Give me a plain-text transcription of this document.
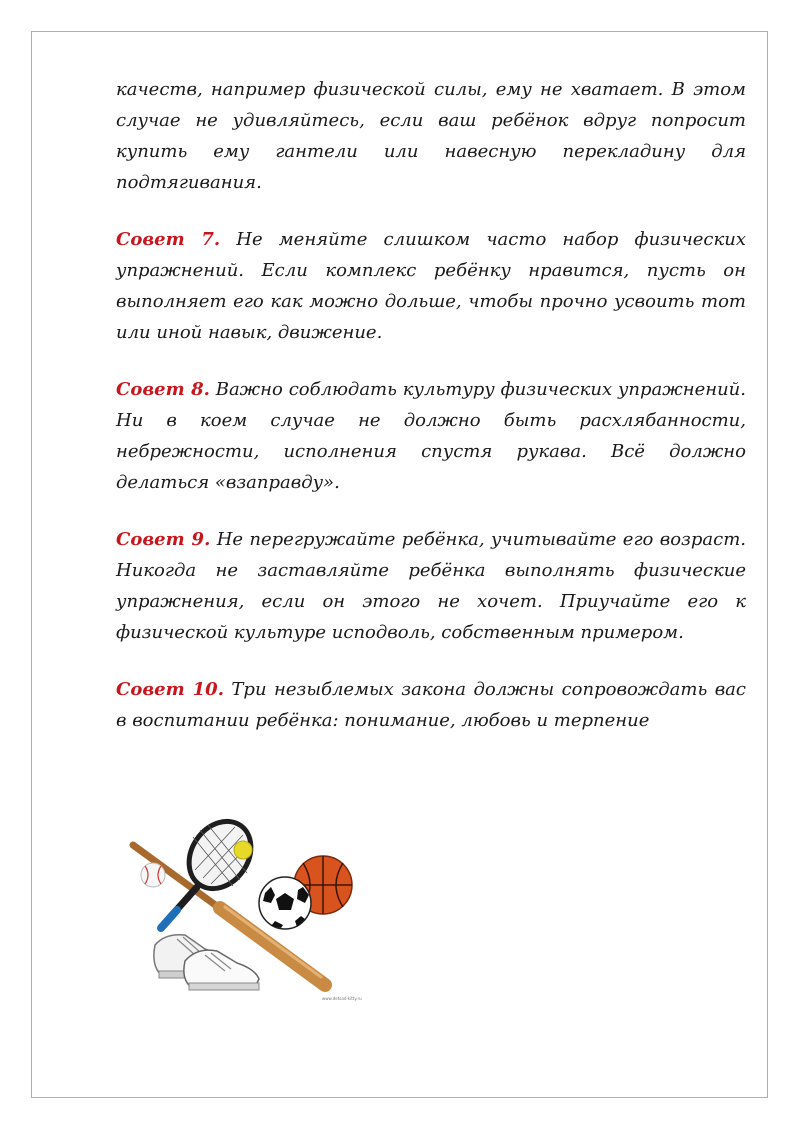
качеств, например физической силы, ему не хватает. В этом случае не удивляйтесь, если ваш ребёнок вдруг попросит купить ему гантели или навесную перекладину для подтягивания.

Совет 7. Не меняйте слишком часто набор физических упражнений. Если комплекс ребёнку нравится, пусть он выполняет его как можно дольше, чтобы прочно усвоить тот или иной навык, движение.

Совет 8. Важно соблюдать культуру физических упражнений. Ни в коем случае не должно быть расхлябанности, небрежности, исполнения спустя рукава. Всё должно делаться «взаправду».

Совет 9. Не перегружайте ребёнка, учитывайте его возраст. Никогда не заставляйте ребёнка выполнять физические упражнения, если он этого не хочет. Приучайте его к физической культуре исподволь, собственным примером.

Совет 10. Три незыблемых закона должны сопровождать вас в воспитании ребёнка: понимание, любовь и терпение

www.detsad-kitty.ru
